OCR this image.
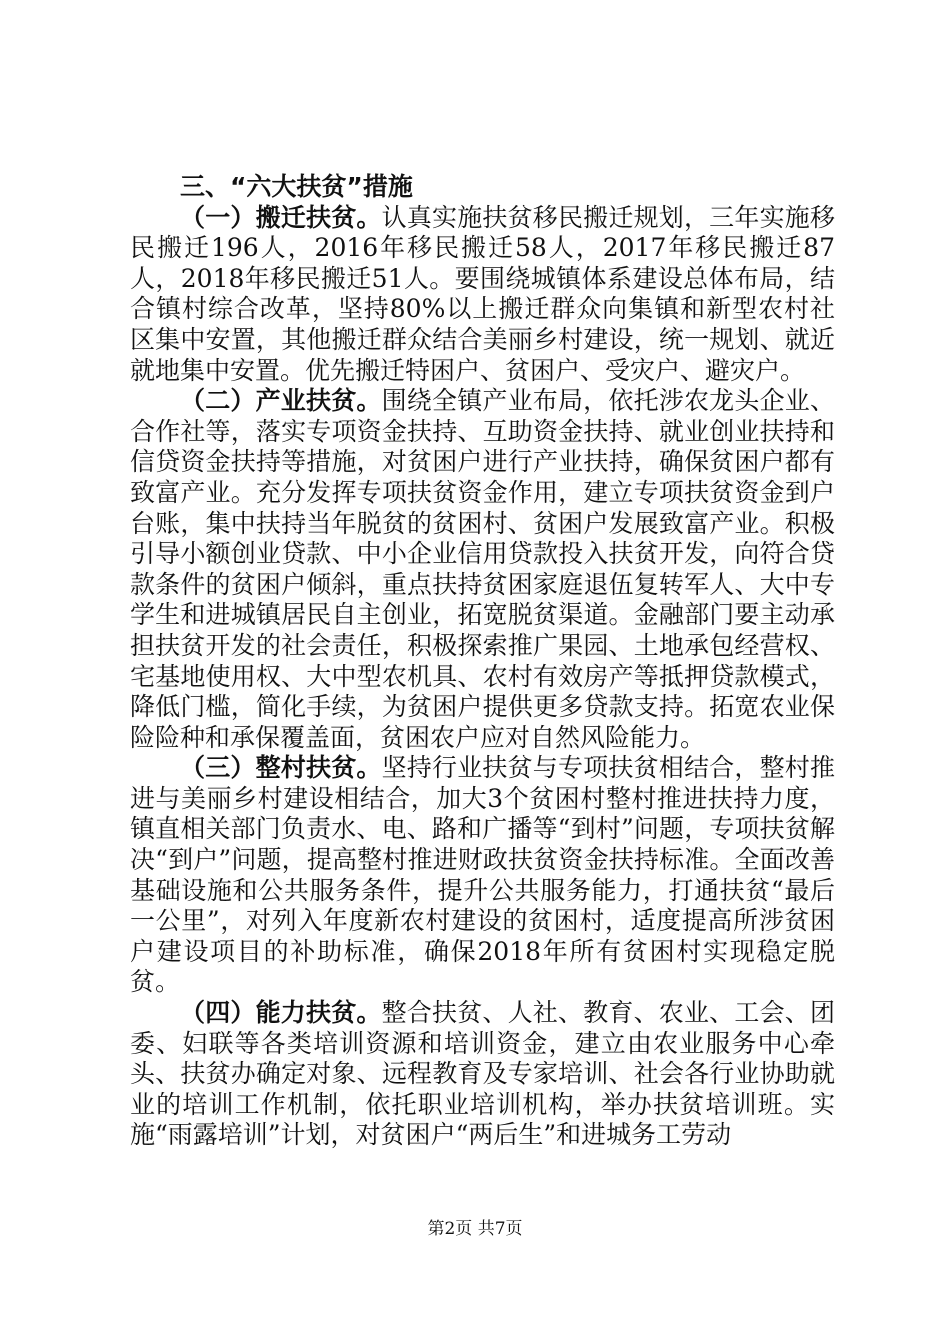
三、“六大扶贫”措施

（一）搬迁扶贫。认真实施扶贫移民搬迁规划，三年实施移民搬迁196人，2016年移民搬迁58人，2017年移民搬迁87人，2018年移民搬迁51人。要围绕城镇体系建设总体布局，结合镇村综合改革，坚持80%以上搬迁群众向集镇和新型农村社区集中安置，其他搬迁群众结合美丽乡村建设，统一规划、就近就地集中安置。优先搬迁特困户、贫困户、受灾户、避灾户。

（二）产业扶贫。围绕全镇产业布局，依托涉农龙头企业、合作社等，落实专项资金扶持、互助资金扶持、就业创业扶持和信贷资金扶持等措施，对贫困户进行产业扶持，确保贫困户都有致富产业。充分发挥专项扶贫资金作用，建立专项扶贫资金到户台账，集中扶持当年脱贫的贫困村、贫困户发展致富产业。积极引导小额创业贷款、中小企业信用贷款投入扶贫开发，向符合贷款条件的贫困户倾斜，重点扶持贫困家庭退伍复转军人、大中专学生和进城镇居民自主创业，拓宽脱贫渠道。金融部门要主动承担扶贫开发的社会责任，积极探索推广果园、土地承包经营权、宅基地使用权、大中型农机具、农村有效房产等抵押贷款模式，降低门槛，简化手续，为贫困户提供更多贷款支持。拓宽农业保险险种和承保覆盖面，贫困农户应对自然风险能力。

（三）整村扶贫。坚持行业扶贫与专项扶贫相结合，整村推进与美丽乡村建设相结合，加大3个贫困村整村推进扶持力度，镇直相关部门负责水、电、路和广播等“到村”问题，专项扶贫解决“到户”问题，提高整村推进财政扶贫资金扶持标准。全面改善基础设施和公共服务条件，提升公共服务能力，打通扶贫“最后一公里”，对列入年度新农村建设的贫困村，适度提高所涉贫困户建设项目的补助标准，确保2018年所有贫困村实现稳定脱贫。

（四）能力扶贫。整合扶贫、人社、教育、农业、工会、团委、妇联等各类培训资源和培训资金，建立由农业服务中心牵头、扶贫办确定对象、远程教育及专家培训、社会各行业协助就业的培训工作机制，依托职业培训机构，举办扶贫培训班。实施“雨露培训”计划，对贫困户“两后生”和进城务工劳动

第2页 共7页
